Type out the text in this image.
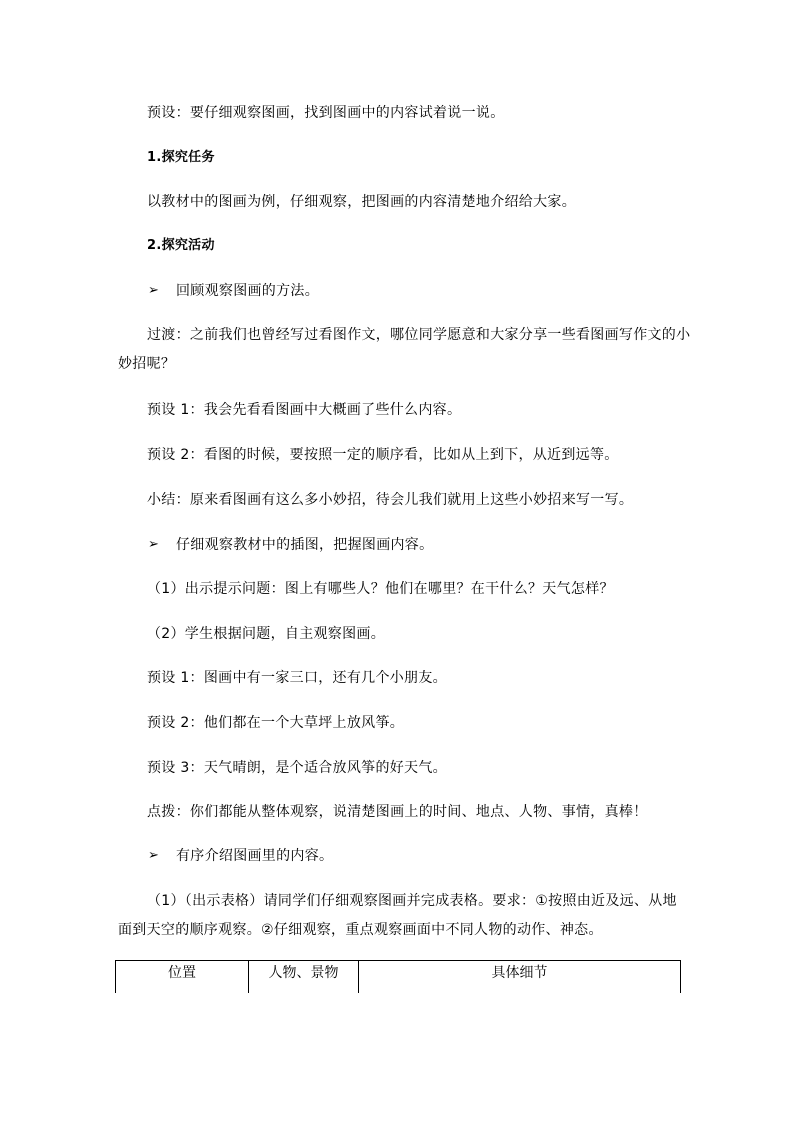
预设：要仔细观察图画，找到图画中的内容试着说一说。
1.探究任务
以教材中的图画为例，仔细观察，把图画的内容清楚地介绍给大家。
2.探究活动
➢ 回顾观察图画的方法。
过渡：之前我们也曾经写过看图作文，哪位同学愿意和大家分享一些看图画写作文的小
妙招呢？
预设 1：我会先看看图画中大概画了些什么内容。
预设 2：看图的时候，要按照一定的顺序看，比如从上到下，从近到远等。
小结：原来看图画有这么多小妙招，待会儿我们就用上这些小妙招来写一写。
➢ 仔细观察教材中的插图，把握图画内容。
（1）出示提示问题：图上有哪些人？他们在哪里？在干什么？天气怎样？
（2）学生根据问题，自主观察图画。
预设 1：图画中有一家三口，还有几个小朋友。
预设 2：他们都在一个大草坪上放风筝。
预设 3：天气晴朗，是个适合放风筝的好天气。
点拨：你们都能从整体观察，说清楚图画上的时间、地点、人物、事情，真棒！
➢ 有序介绍图画里的内容。
（1）（出示表格）请同学们仔细观察图画并完成表格。要求：①按照由近及远、从地
面到天空的顺序观察。②仔细观察，重点观察画面中不同人物的动作、神态。
位置	人物、景物	具体细节
